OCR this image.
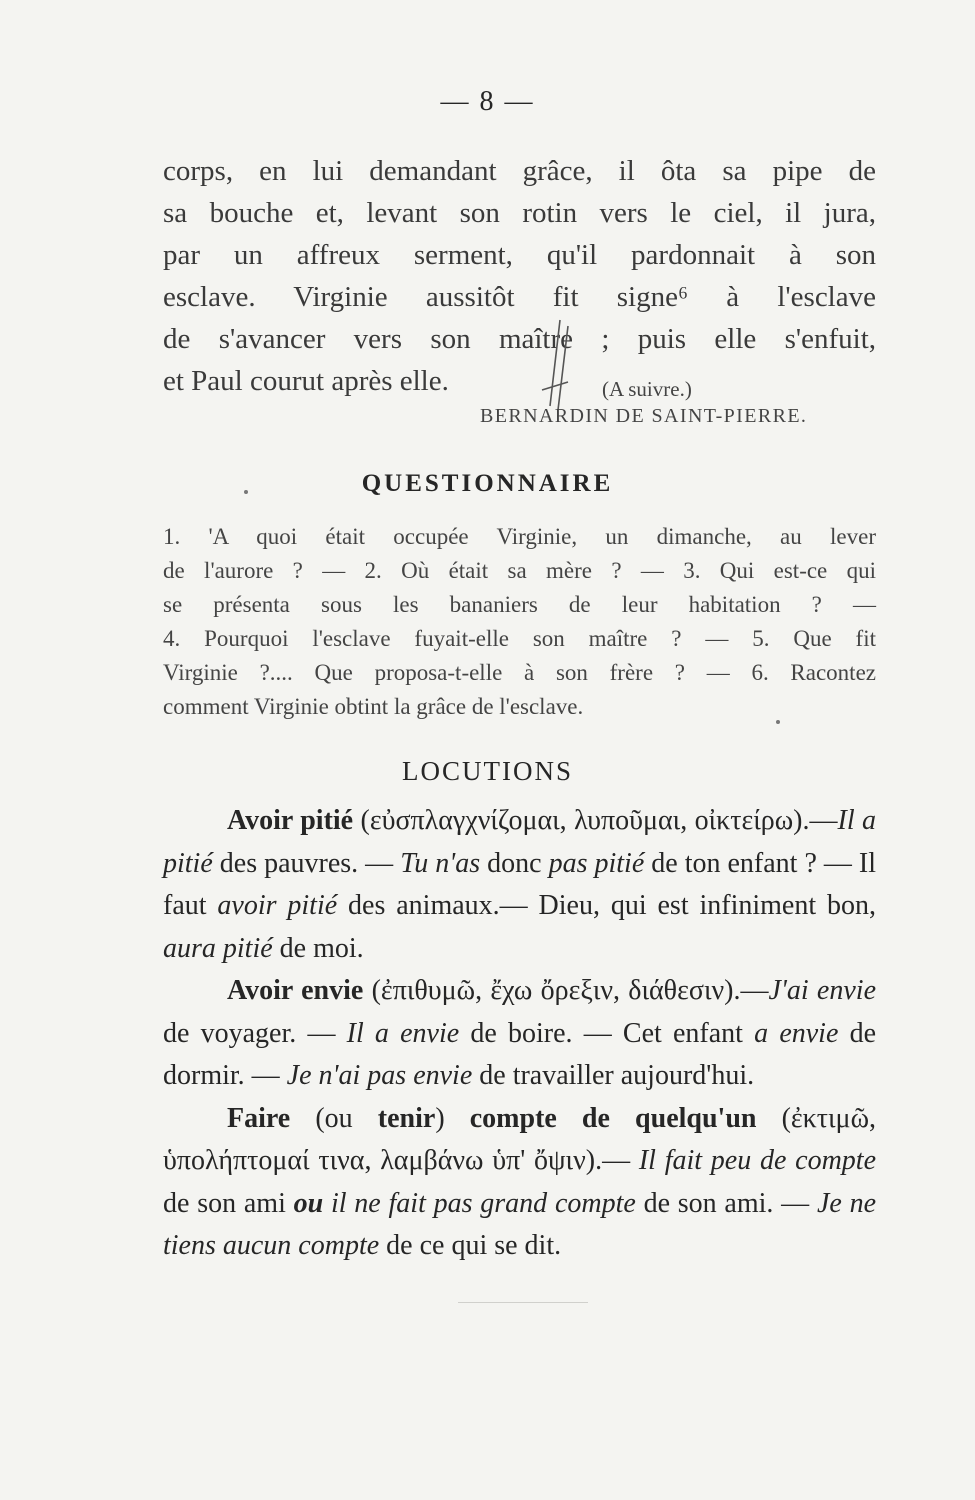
— 8 —
corps, en lui demandant grâce, il ôta sa pipe de
sa bouche et, levant son rotin vers le ciel, il jura,
par un affreux serment, qu'il pardonnait à son
esclave. Virginie aussitôt fit signe⁶ à l'esclave
de s'avancer vers son maître ; puis elle s'enfuit,
et Paul courut après elle.	(A suivre.)
BERNARDIN DE SAINT-PIERRE.
QUESTIONNAIRE
1. 'A quoi était occupée Virginie, un dimanche, au lever
de l'aurore ? — 2. Où était sa mère ? — 3. Qui est-ce qui
se présenta sous les bananiers de leur habitation ? —
4. Pourquoi l'esclave fuyait-elle son maître ? — 5. Que fit
Virginie ?.... Que proposa-t-elle à son frère ? — 6. Racontez
comment Virginie obtint la grâce de l'esclave.
LOCUTIONS

Avoir pitié (εὐσπλαγχνίζομαι, λυποῦμαι, οἰκτείρω).—Il a pitié des pauvres. — Tu n'as donc pas pitié de ton enfant ? — Il faut avoir pitié des animaux.— Dieu, qui est infiniment bon, aura pitié de moi.

Avoir envie (ἐπιθυμῶ, ἔχω ὄρεξιν, διάθεσιν).—J'ai envie de voyager. — Il a envie de boire. — Cet enfant a envie de dormir. — Je n'ai pas envie de travailler aujourd'hui.

Faire (ou tenir) compte de quelqu'un (ἐκτιμῶ, ὑπολήπτομαί τινα, λαμβάνω ὑπ' ὄψιν).— Il fait peu de compte de son ami ou il ne fait pas grand compte de son ami. — Je ne tiens aucun compte de ce qui se dit.
